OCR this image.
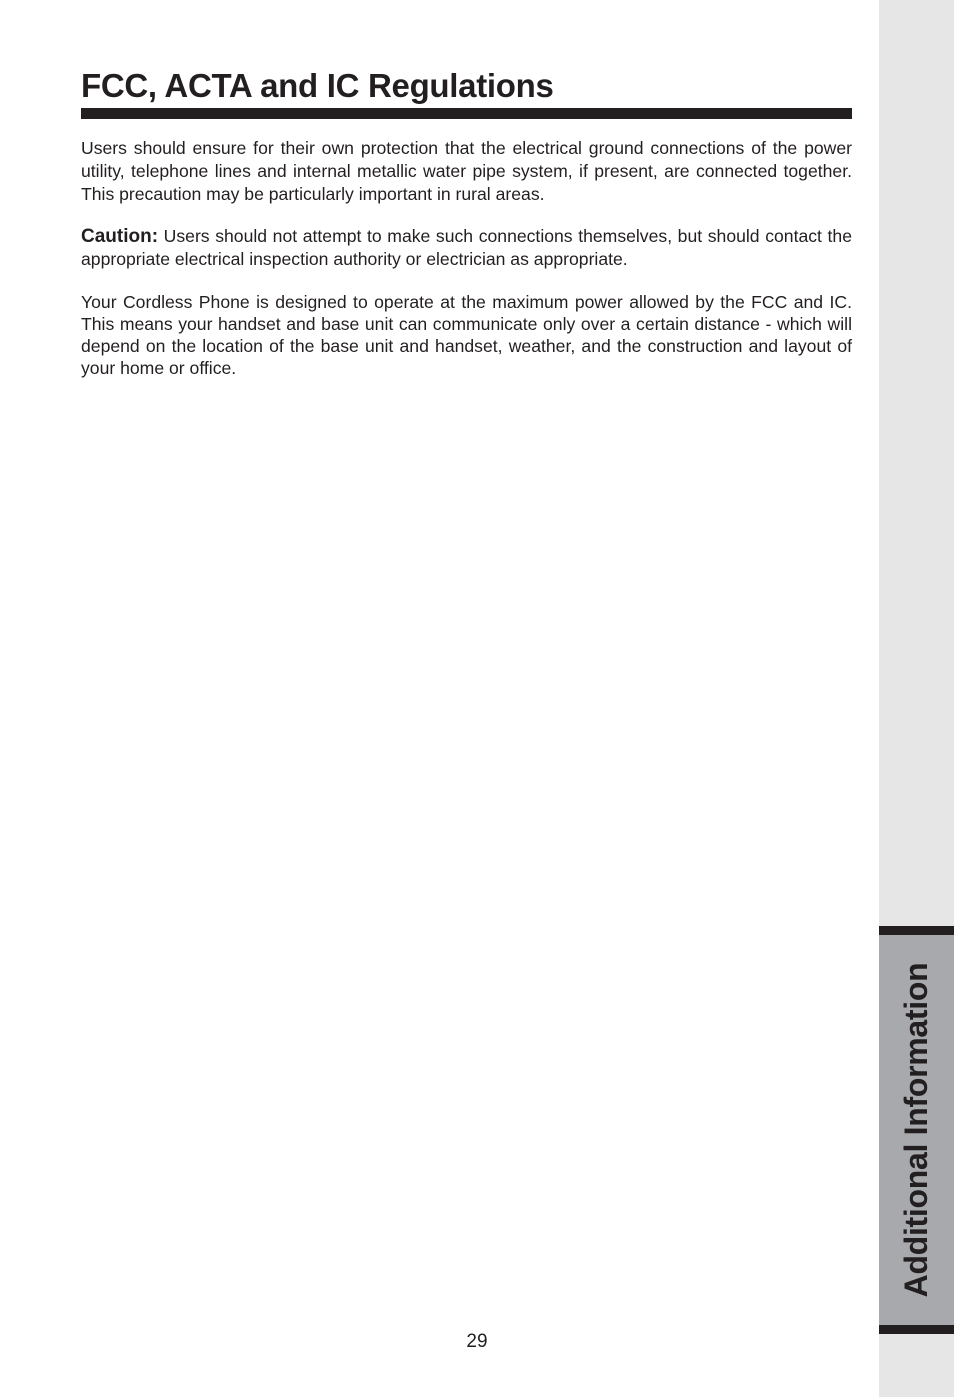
Additional Information
FCC, ACTA and IC Regulations

Users should ensure for their own protection that the electrical ground connections of the power utility, telephone lines and internal metallic water pipe system, if present, are connected together. This precaution may be particularly important in rural areas.

Caution: Users should not attempt to make such connections themselves, but should contact the appropriate electrical inspection authority or electrician as appropriate.

Your Cordless Phone is designed to operate at the maximum power allowed by the FCC and IC. This means your handset and base unit can communicate only over a certain distance - which will depend on the location of the base unit and handset, weather, and the construction and layout of your home or office.

29
